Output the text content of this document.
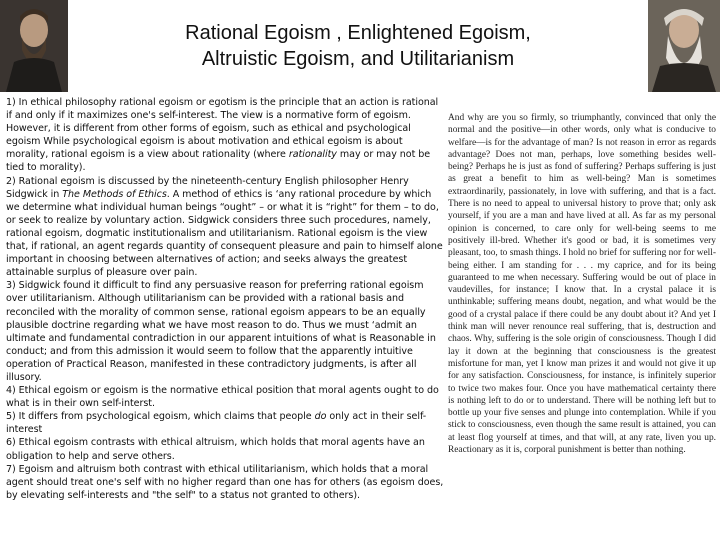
Rational Egoism , Enlightened Egoism,
Altruistic Egoism, and Utilitarianism

1) In ethical philosophy rational egoism or egotism is the principle that an action is rational if and only if it maximizes one's self-interest. The view is a normative form of egoism. However, it is different from other forms of egoism, such as ethical and psychological egoism While psychological egoism is about motivation and ethical egoism is about morality, rational egoism is a view about rationality (where rationality may or may not be tied to morality).

2) Rational egoism is discussed by the nineteenth-century English philosopher Henry Sidgwick in The Methods of Ethics. A method of ethics is ‘any rational procedure by which we determine what individual human beings “ought” – or what it is “right” for them – to do, or seek to realize by voluntary action. Sidgwick considers three such procedures, namely, rational egoism, dogmatic institutionalism and utilitarianism. Rational egoism is the view that, if rational, an agent regards quantity of consequent pleasure and pain to himself alone important in choosing between alternatives of action; and seeks always the greatest attainable surplus of pleasure over pain.

3) Sidgwick found it difficult to find any persuasive reason for preferring rational egoism over utilitarianism. Although utilitarianism can be provided with a rational basis and reconciled with the morality of common sense, rational egoism appears to be an equally plausible doctrine regarding what we have most reason to do. Thus we must ‘admit an ultimate and fundamental contradiction in our apparent intuitions of what is Reasonable in conduct; and from this admission it would seem to follow that the apparently intuitive operation of Practical Reason, manifested in these contradictory judgments, is after all illusory.

4) Ethical egoism or egoism is the normative ethical position that moral agents ought to do what is in their own self-interst.

5) It differs from psychological egoism, which claims that people do only act in their self-interest

6) Ethical egoism contrasts with ethical altruism, which holds that moral agents have an obligation to help and serve others.

7) Egoism and altruism both contrast with ethical utilitarianism, which holds that a moral agent should treat one's self with no higher regard than one has for others (as egoism does, by elevating self-interests and "the self" to a status not granted to others).

And why are you so firmly, so triumphantly, convinced that only the normal and the positive—in other words, only what is conducive to welfare—is for the advantage of man? Is not reason in error as regards advantage? Does not man, perhaps, love something besides well-being? Perhaps he is just as fond of suffering? Perhaps suffering is just as great a benefit to him as well-being? Man is sometimes extraordinarily, passionately, in love with suffering, and that is a fact. There is no need to appeal to universal history to prove that; only ask yourself, if you are a man and have lived at all. As far as my personal opinion is concerned, to care only for well-being seems to me positively ill-bred. Whether it's good or bad, it is sometimes very pleasant, too, to smash things. I hold no brief for suffering nor for well-being either. I am standing for . . . my caprice, and for its being guaranteed to me when necessary. Suffering would be out of place in vaudevilles, for instance; I know that. In a crystal palace it is unthinkable; suffering means doubt, negation, and what would be the good of a crystal palace if there could be any doubt about it? And yet I think man will never renounce real suffering, that is, destruction and chaos. Why, suffering is the sole origin of consciousness. Though I did lay it down at the beginning that consciousness is the greatest misfortune for man, yet I know man prizes it and would not give it up for any satisfaction. Consciousness, for instance, is infinitely superior to twice two makes four. Once you have mathematical certainty there is nothing left to do or to understand. There will be nothing left but to bottle up your five senses and plunge into contemplation. While if you stick to consciousness, even though the same result is attained, you can at least flog yourself at times, and that will, at any rate, liven you up. Reactionary as it is, corporal punishment is better than nothing.
